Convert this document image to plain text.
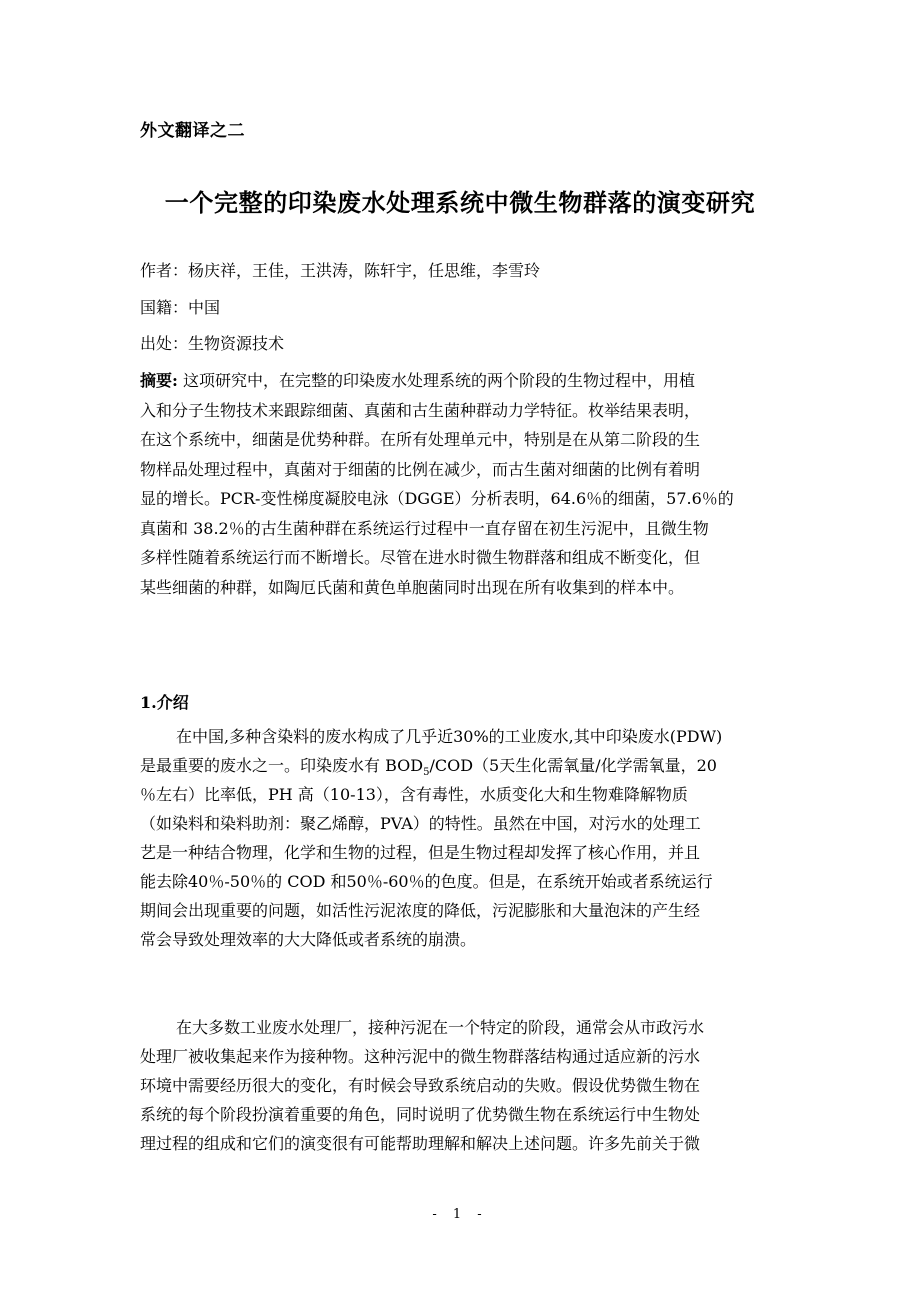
外文翻译之二
一个完整的印染废水处理系统中微生物群落的演变研究
作者：杨庆祥，王佳，王洪涛，陈轩宇，任思维，李雪玲
国籍：中国
出处：生物资源技术
摘要: 这项研究中，在完整的印染废水处理系统的两个阶段的生物过程中，用植
入和分子生物技术来跟踪细菌、真菌和古生菌种群动力学特征。枚举结果表明，
在这个系统中，细菌是优势种群。在所有处理单元中，特别是在从第二阶段的生
物样品处理过程中，真菌对于细菌的比例在减少，而古生菌对细菌的比例有着明
显的增长。PCR-变性梯度凝胶电泳（DGGE）分析表明，64.6％的细菌，57.6％的
真菌和 38.2％的古生菌种群在系统运行过程中一直存留在初生污泥中，且微生物
多样性随着系统运行而不断增长。尽管在进水时微生物群落和组成不断变化，但
某些细菌的种群，如陶厄氏菌和黄色单胞菌同时出现在所有收集到的样本中。
1.介绍
在中国,多种含染料的废水构成了几乎近30%的工业废水,其中印染废水(PDW)
是最重要的废水之一。印染废水有 $BOD_5/COD(5$天生化需氧量/化学需氧量，20
％左右）比率低，PH 高（10-13），含有毒性，水质变化大和生物难降解物质
（如染料和染料助剂：聚乙烯醇，PVA）的特性。虽然在中国，对污水的处理工
艺是一种结合物理，化学和生物的过程，但是生物过程却发挥了核心作用，并且
能去除40％-50％的 COD 和50％-60％的色度。但是，在系统开始或者系统运行
期间会出现重要的问题，如活性污泥浓度的降低，污泥膨胀和大量泡沫的产生经
常会导致处理效率的大大降低或者系统的崩溃。
在大多数工业废水处理厂，接种污泥在一个特定的阶段，通常会从市政污水
处理厂被收集起来作为接种物。这种污泥中的微生物群落结构通过适应新的污水
环境中需要经历很大的变化，有时候会导致系统启动的失败。假设优势微生物在
系统的每个阶段扮演着重要的角色，同时说明了优势微生物在系统运行中生物处
理过程的组成和它们的演变很有可能帮助理解和解决上述问题。许多先前关于微
- 1 -
